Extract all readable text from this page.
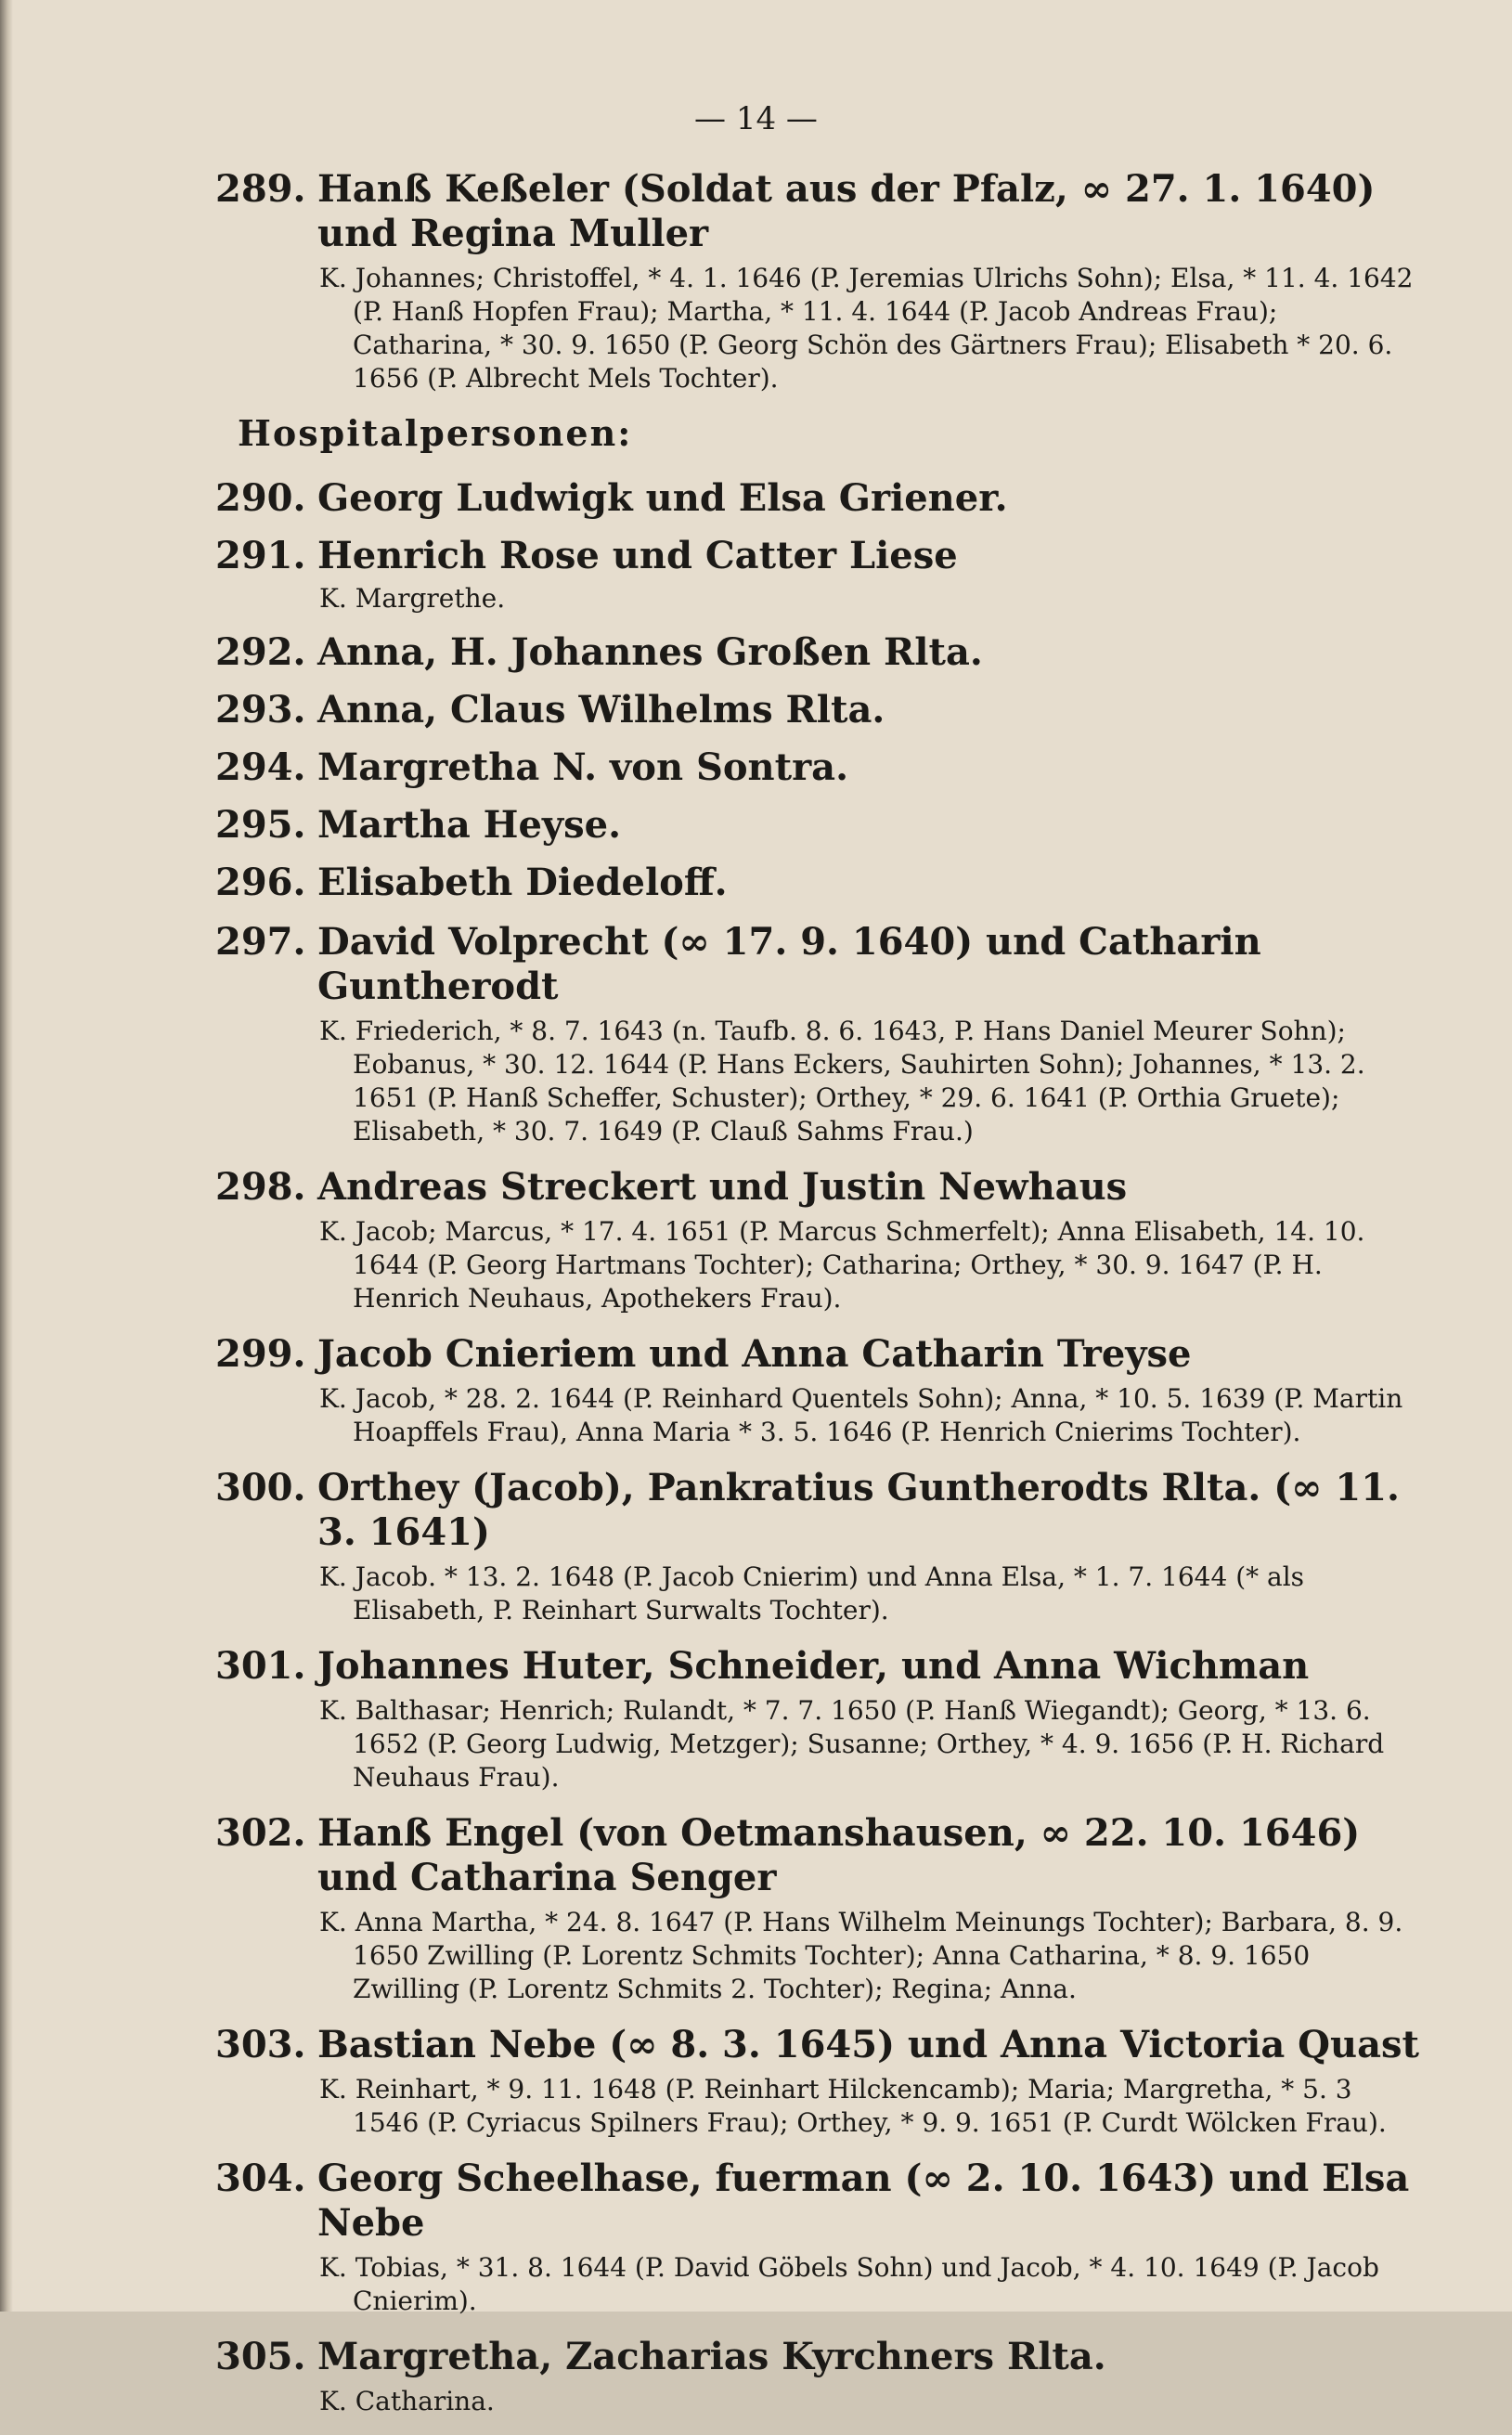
— 14 —
289. Hanß Keßeler (Soldat aus der Pfalz, ∞ 27. 1. 1640) und Regina Muller
K. Johannes; Christoffel, * 4. 1. 1646 (P. Jeremias Ulrichs Sohn); Elsa, * 11. 4. 1642 (P. Hanß Hopfen Frau); Martha, * 11. 4. 1644 (P. Jacob Andreas Frau); Catharina, * 30. 9. 1650 (P. Georg Schön des Gärtners Frau); Elisabeth * 20. 6. 1656 (P. Albrecht Mels Tochter).
Hospitalpersonen:
290. Georg Ludwigk und Elsa Griener.
291. Henrich Rose und Catter Liese
K. Margrethe.
292. Anna, H. Johannes Großen Rlta.
293. Anna, Claus Wilhelms Rlta.
294. Margretha N. von Sontra.
295. Martha Heyse.
296. Elisabeth Diedeloff.
297. David Volprecht (∞ 17. 9. 1640) und Catharin Guntherodt
K. Friederich, * 8. 7. 1643 (n. Taufb. 8. 6. 1643, P. Hans Daniel Meurer Sohn); Eobanus, * 30. 12. 1644 (P. Hans Eckers, Sauhirten Sohn); Johannes, * 13. 2. 1651 (P. Hanß Scheffer, Schuster); Orthey, * 29. 6. 1641 (P. Orthia Gruete); Elisabeth, * 30. 7. 1649 (P. Clauß Sahms Frau.)
298. Andreas Streckert und Justin Newhaus
K. Jacob; Marcus, * 17. 4. 1651 (P. Marcus Schmerfelt); Anna Elisabeth, 14. 10. 1644 (P. Georg Hartmans Tochter); Catharina; Orthey, * 30. 9. 1647 (P. H. Henrich Neuhaus, Apothekers Frau).
299. Jacob Cnieriem und Anna Catharin Treyse
K. Jacob, * 28. 2. 1644 (P. Reinhard Quentels Sohn); Anna, * 10. 5. 1639 (P. Martin Hoapffels Frau), Anna Maria * 3. 5. 1646 (P. Henrich Cnierims Tochter).
300. Orthey (Jacob), Pankratius Guntherodts Rlta. (∞ 11. 3. 1641)
K. Jacob. * 13. 2. 1648 (P. Jacob Cnierim) und Anna Elsa, * 1. 7. 1644 (* als Elisabeth, P. Reinhart Surwalts Tochter).
301. Johannes Huter, Schneider, und Anna Wichman
K. Balthasar; Henrich; Rulandt, * 7. 7. 1650 (P. Hanß Wiegandt); Georg, * 13. 6. 1652 (P. Georg Ludwig, Metzger); Susanne; Orthey, * 4. 9. 1656 (P. H. Richard Neuhaus Frau).
302. Hanß Engel (von Oetmanshausen, ∞ 22. 10. 1646) und Catharina Senger
K. Anna Martha, * 24. 8. 1647 (P. Hans Wilhelm Meinungs Tochter); Barbara, 8. 9. 1650 Zwilling (P. Lorentz Schmits Tochter); Anna Catharina, * 8. 9. 1650 Zwilling (P. Lorentz Schmits 2. Tochter); Regina; Anna.
303. Bastian Nebe (∞ 8. 3. 1645) und Anna Victoria Quast
K. Reinhart, * 9. 11. 1648 (P. Reinhart Hilckencamb); Maria; Margretha, * 5. 3 1546 (P. Cyriacus Spilners Frau); Orthey, * 9. 9. 1651 (P. Curdt Wölcken Frau).
304. Georg Scheelhase, fuerman (∞ 2. 10. 1643) und Elsa Nebe
K. Tobias, * 31. 8. 1644 (P. David Göbels Sohn) und Jacob, * 4. 10. 1649 (P. Jacob Cnierim).
305. Margretha, Zacharias Kyrchners Rlta.
K. Catharina.
